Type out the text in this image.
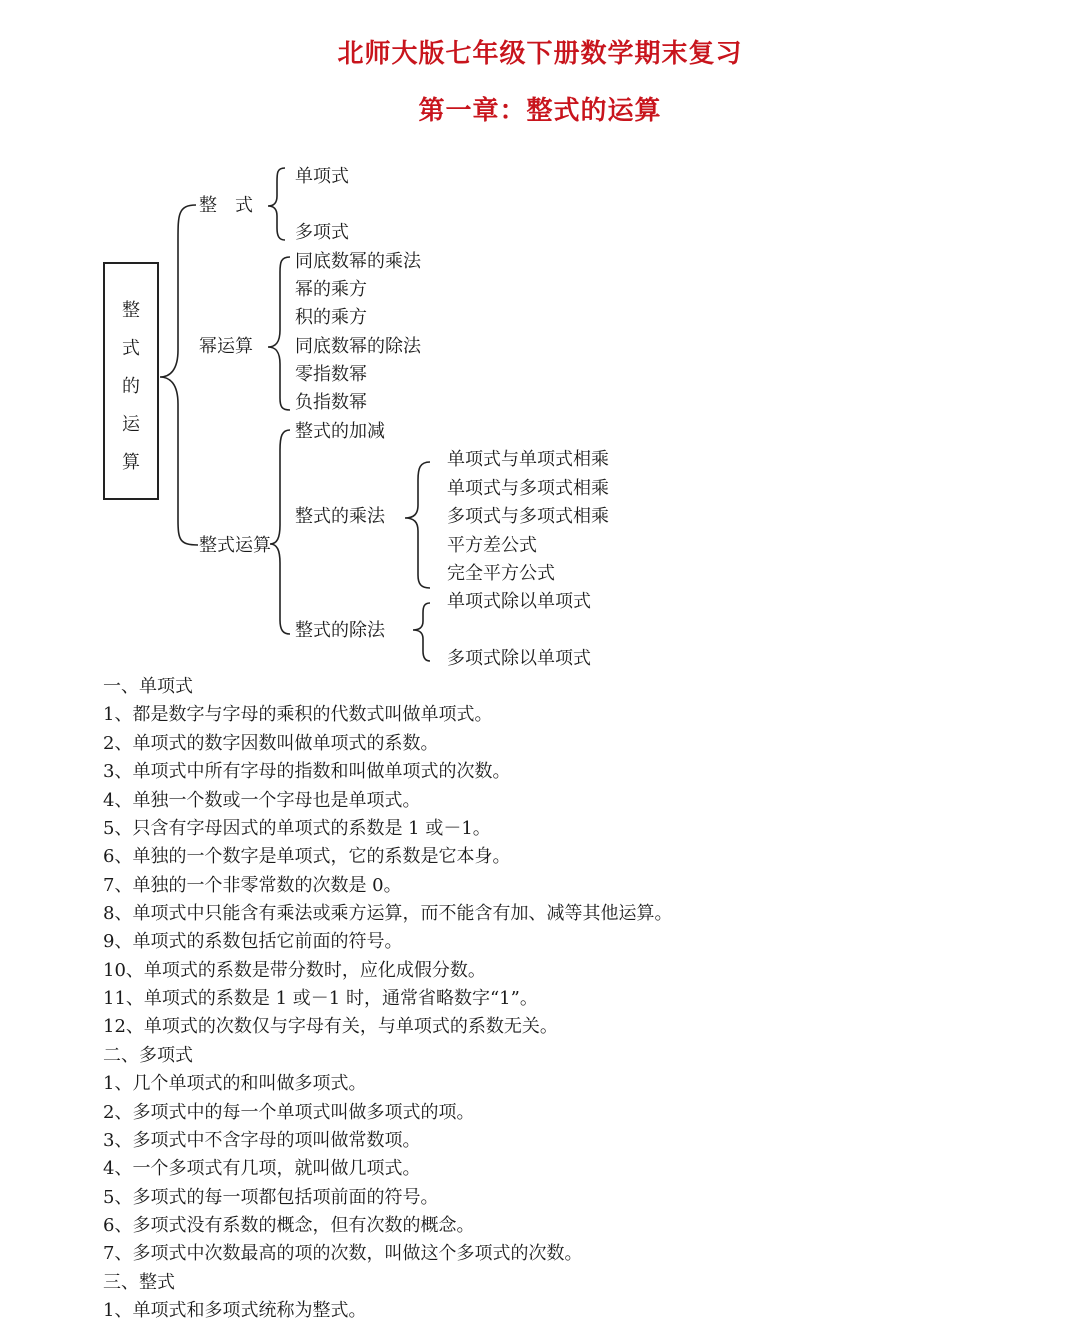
北师大版七年级下册数学期末复习
第一章：整式的运算
整
式
的
运
算
整　式
幂运算
整式运算
单项式
多项式
同底数幂的乘法
幂的乘方
积的乘方
同底数幂的除法
零指数幂
负指数幂
整式的加减
整式的乘法
整式的除法
单项式与单项式相乘
单项式与多项式相乘
多项式与多项式相乘
平方差公式
完全平方公式
单项式除以单项式
多项式除以单项式
一、单项式
1、都是数字与字母的乘积的代数式叫做单项式。
2、单项式的数字因数叫做单项式的系数。
3、单项式中所有字母的指数和叫做单项式的次数。
4、单独一个数或一个字母也是单项式。
5、只含有字母因式的单项式的系数是 1 或－1。
6、单独的一个数字是单项式，它的系数是它本身。
7、单独的一个非零常数的次数是 0。
8、单项式中只能含有乘法或乘方运算，而不能含有加、减等其他运算。
9、单项式的系数包括它前面的符号。
10、单项式的系数是带分数时，应化成假分数。
11、单项式的系数是 1 或－1 时，通常省略数字“1”。
12、单项式的次数仅与字母有关，与单项式的系数无关。
二、多项式
1、几个单项式的和叫做多项式。
2、多项式中的每一个单项式叫做多项式的项。
3、多项式中不含字母的项叫做常数项。
4、一个多项式有几项，就叫做几项式。
5、多项式的每一项都包括项前面的符号。
6、多项式没有系数的概念，但有次数的概念。
7、多项式中次数最高的项的次数，叫做这个多项式的次数。
三、整式
1、单项式和多项式统称为整式。
